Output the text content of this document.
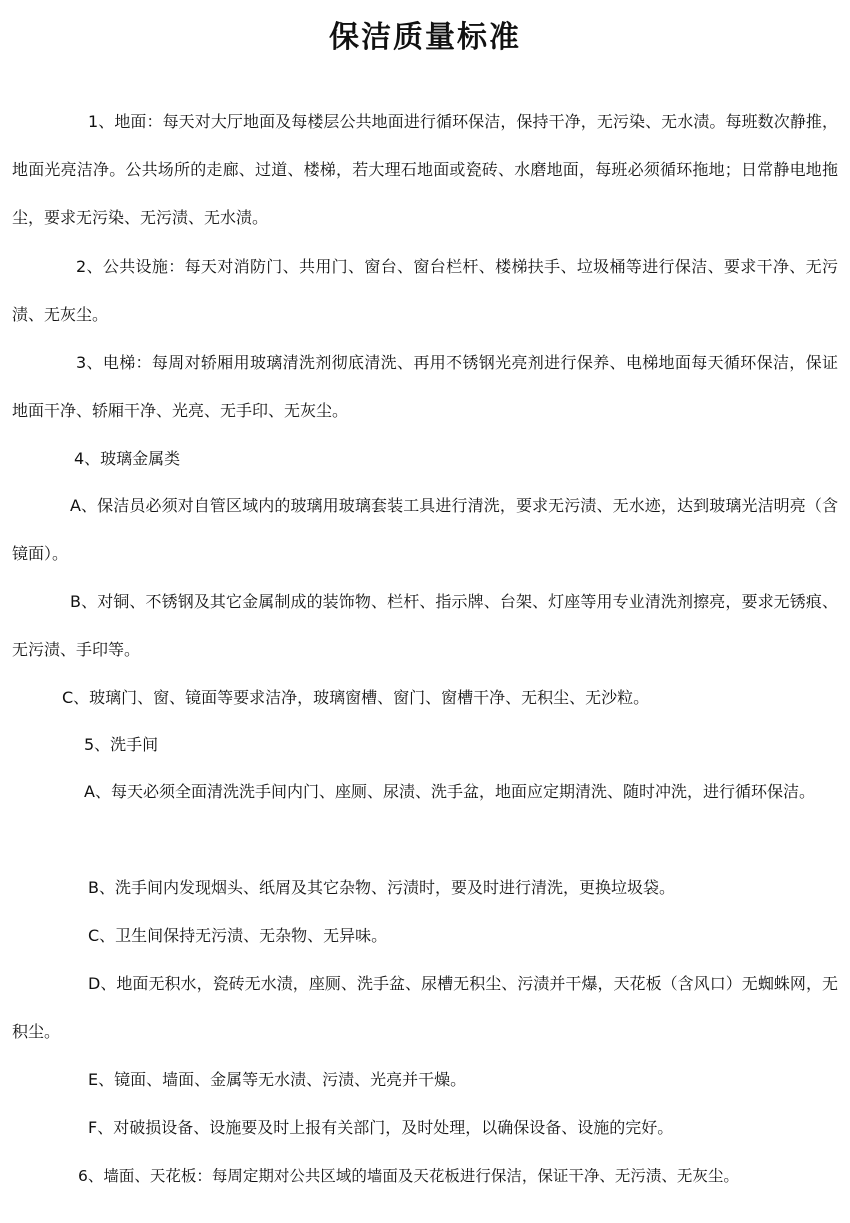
保洁质量标准

1、地面：每天对大厅地面及每楼层公共地面进行循环保洁，保持干净，无污染、无水渍。每班数次静推，地面光亮洁净。公共场所的走廊、过道、楼梯，若大理石地面或瓷砖、水磨地面，每班必须循环拖地；日常静电地拖尘，要求无污染、无污渍、无水渍。

2、公共设施：每天对消防门、共用门、窗台、窗台栏杆、楼梯扶手、垃圾桶等进行保洁、要求干净、无污渍、无灰尘。

3、电梯：每周对轿厢用玻璃清洗剂彻底清洗、再用不锈钢光亮剂进行保养、电梯地面每天循环保洁，保证地面干净、轿厢干净、光亮、无手印、无灰尘。

4、玻璃金属类

A、保洁员必须对自管区域内的玻璃用玻璃套装工具进行清洗，要求无污渍、无水迹，达到玻璃光洁明亮（含镜面）。

B、对铜、不锈钢及其它金属制成的装饰物、栏杆、指示牌、台架、灯座等用专业清洗剂擦亮，要求无锈痕、无污渍、手印等。

C、玻璃门、窗、镜面等要求洁净，玻璃窗槽、窗门、窗槽干净、无积尘、无沙粒。

5、洗手间

A、每天必须全面清洗洗手间内门、座厕、尿渍、洗手盆，地面应定期清洗、随时冲洗，进行循环保洁。

B、洗手间内发现烟头、纸屑及其它杂物、污渍时，要及时进行清洗，更换垃圾袋。

C、卫生间保持无污渍、无杂物、无异味。

D、地面无积水，瓷砖无水渍，座厕、洗手盆、尿槽无积尘、污渍并干爆，天花板（含风口）无蜘蛛网，无积尘。

E、镜面、墙面、金属等无水渍、污渍、光亮并干燥。

F、对破损设备、设施要及时上报有关部门，及时处理，以确保设备、设施的完好。

6、墙面、天花板：每周定期对公共区域的墙面及天花板进行保洁，保证干净、无污渍、无灰尘。
